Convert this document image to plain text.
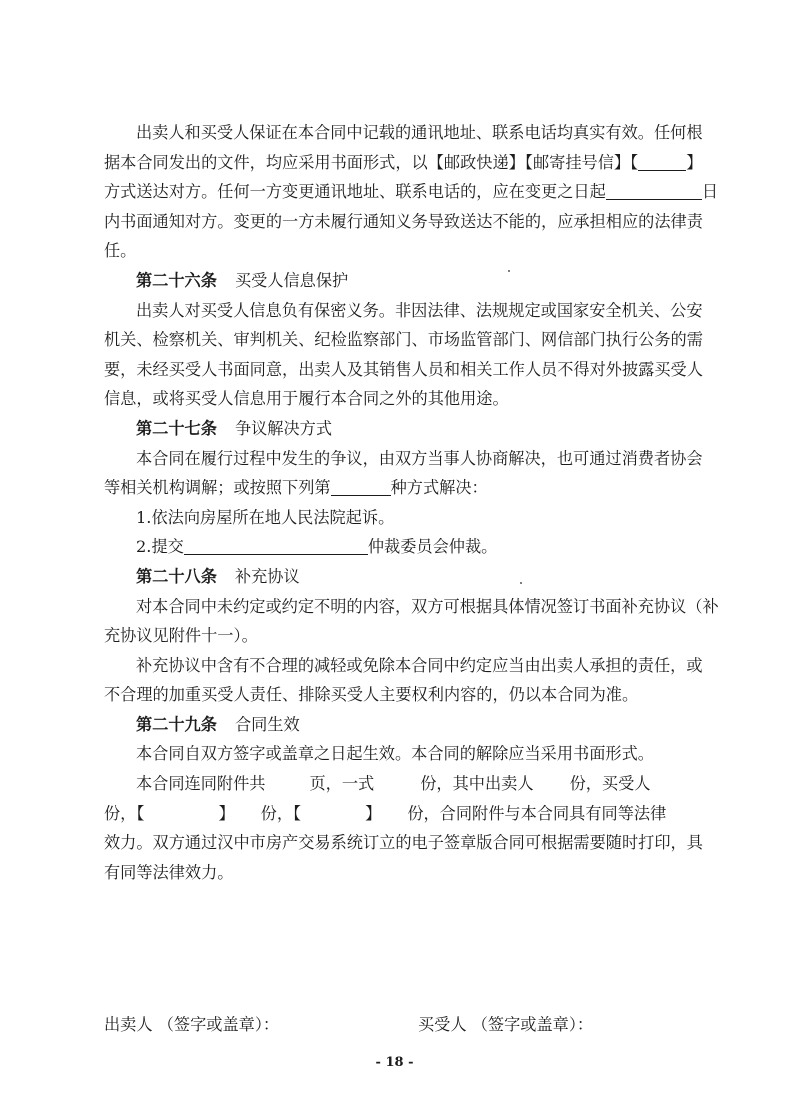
出卖人和买受人保证在本合同中记载的通讯地址、联系电话均真实有效。任何根
据本合同发出的文件，均应采用书面形式，以【邮政快递】【邮寄挂号信】【	】
方式送达对方。任何一方变更通讯地址、联系电话的，应在变更之日起	日
内书面通知对方。变更的一方未履行通知义务导致送达不能的，应承担相应的法律责
任。
第二十六条 买受人信息保护
出卖人对买受人信息负有保密义务。非因法律、法规规定或国家安全机关、公安
机关、检察机关、审判机关、纪检监察部门、市场监管部门、网信部门执行公务的需
要，未经买受人书面同意，出卖人及其销售人员和相关工作人员不得对外披露买受人
信息，或将买受人信息用于履行本合同之外的其他用途。
第二十七条 争议解决方式
本合同在履行过程中发生的争议，由双方当事人协商解决，也可通过消费者协会
等相关机构调解；或按照下列第	种方式解决：
1.依法向房屋所在地人民法院起诉。
2.提交	仲裁委员会仲裁。
第二十八条 补充协议
对本合同中未约定或约定不明的内容，双方可根据具体情况签订书面补充协议（补
充协议见附件十一）。
补充协议中含有不合理的减轻或免除本合同中约定应当由出卖人承担的责任，或
不合理的加重买受人责任、排除买受人主要权利内容的，仍以本合同为准。
第二十九条 合同生效
本合同自双方签字或盖章之日起生效。本合同的解除应当采用书面形式。
本合同连同附件共	页，一式	份，其中出卖人 份，买受人
份，【	】 份，【	】 份，合同附件与本合同具有同等法律
效力。双方通过汉中市房产交易系统订立的电子签章版合同可根据需要随时打印，具
有同等法律效力。
出卖人 （签字或盖章）：	买受人 （签字或盖章）：
- 18 -
